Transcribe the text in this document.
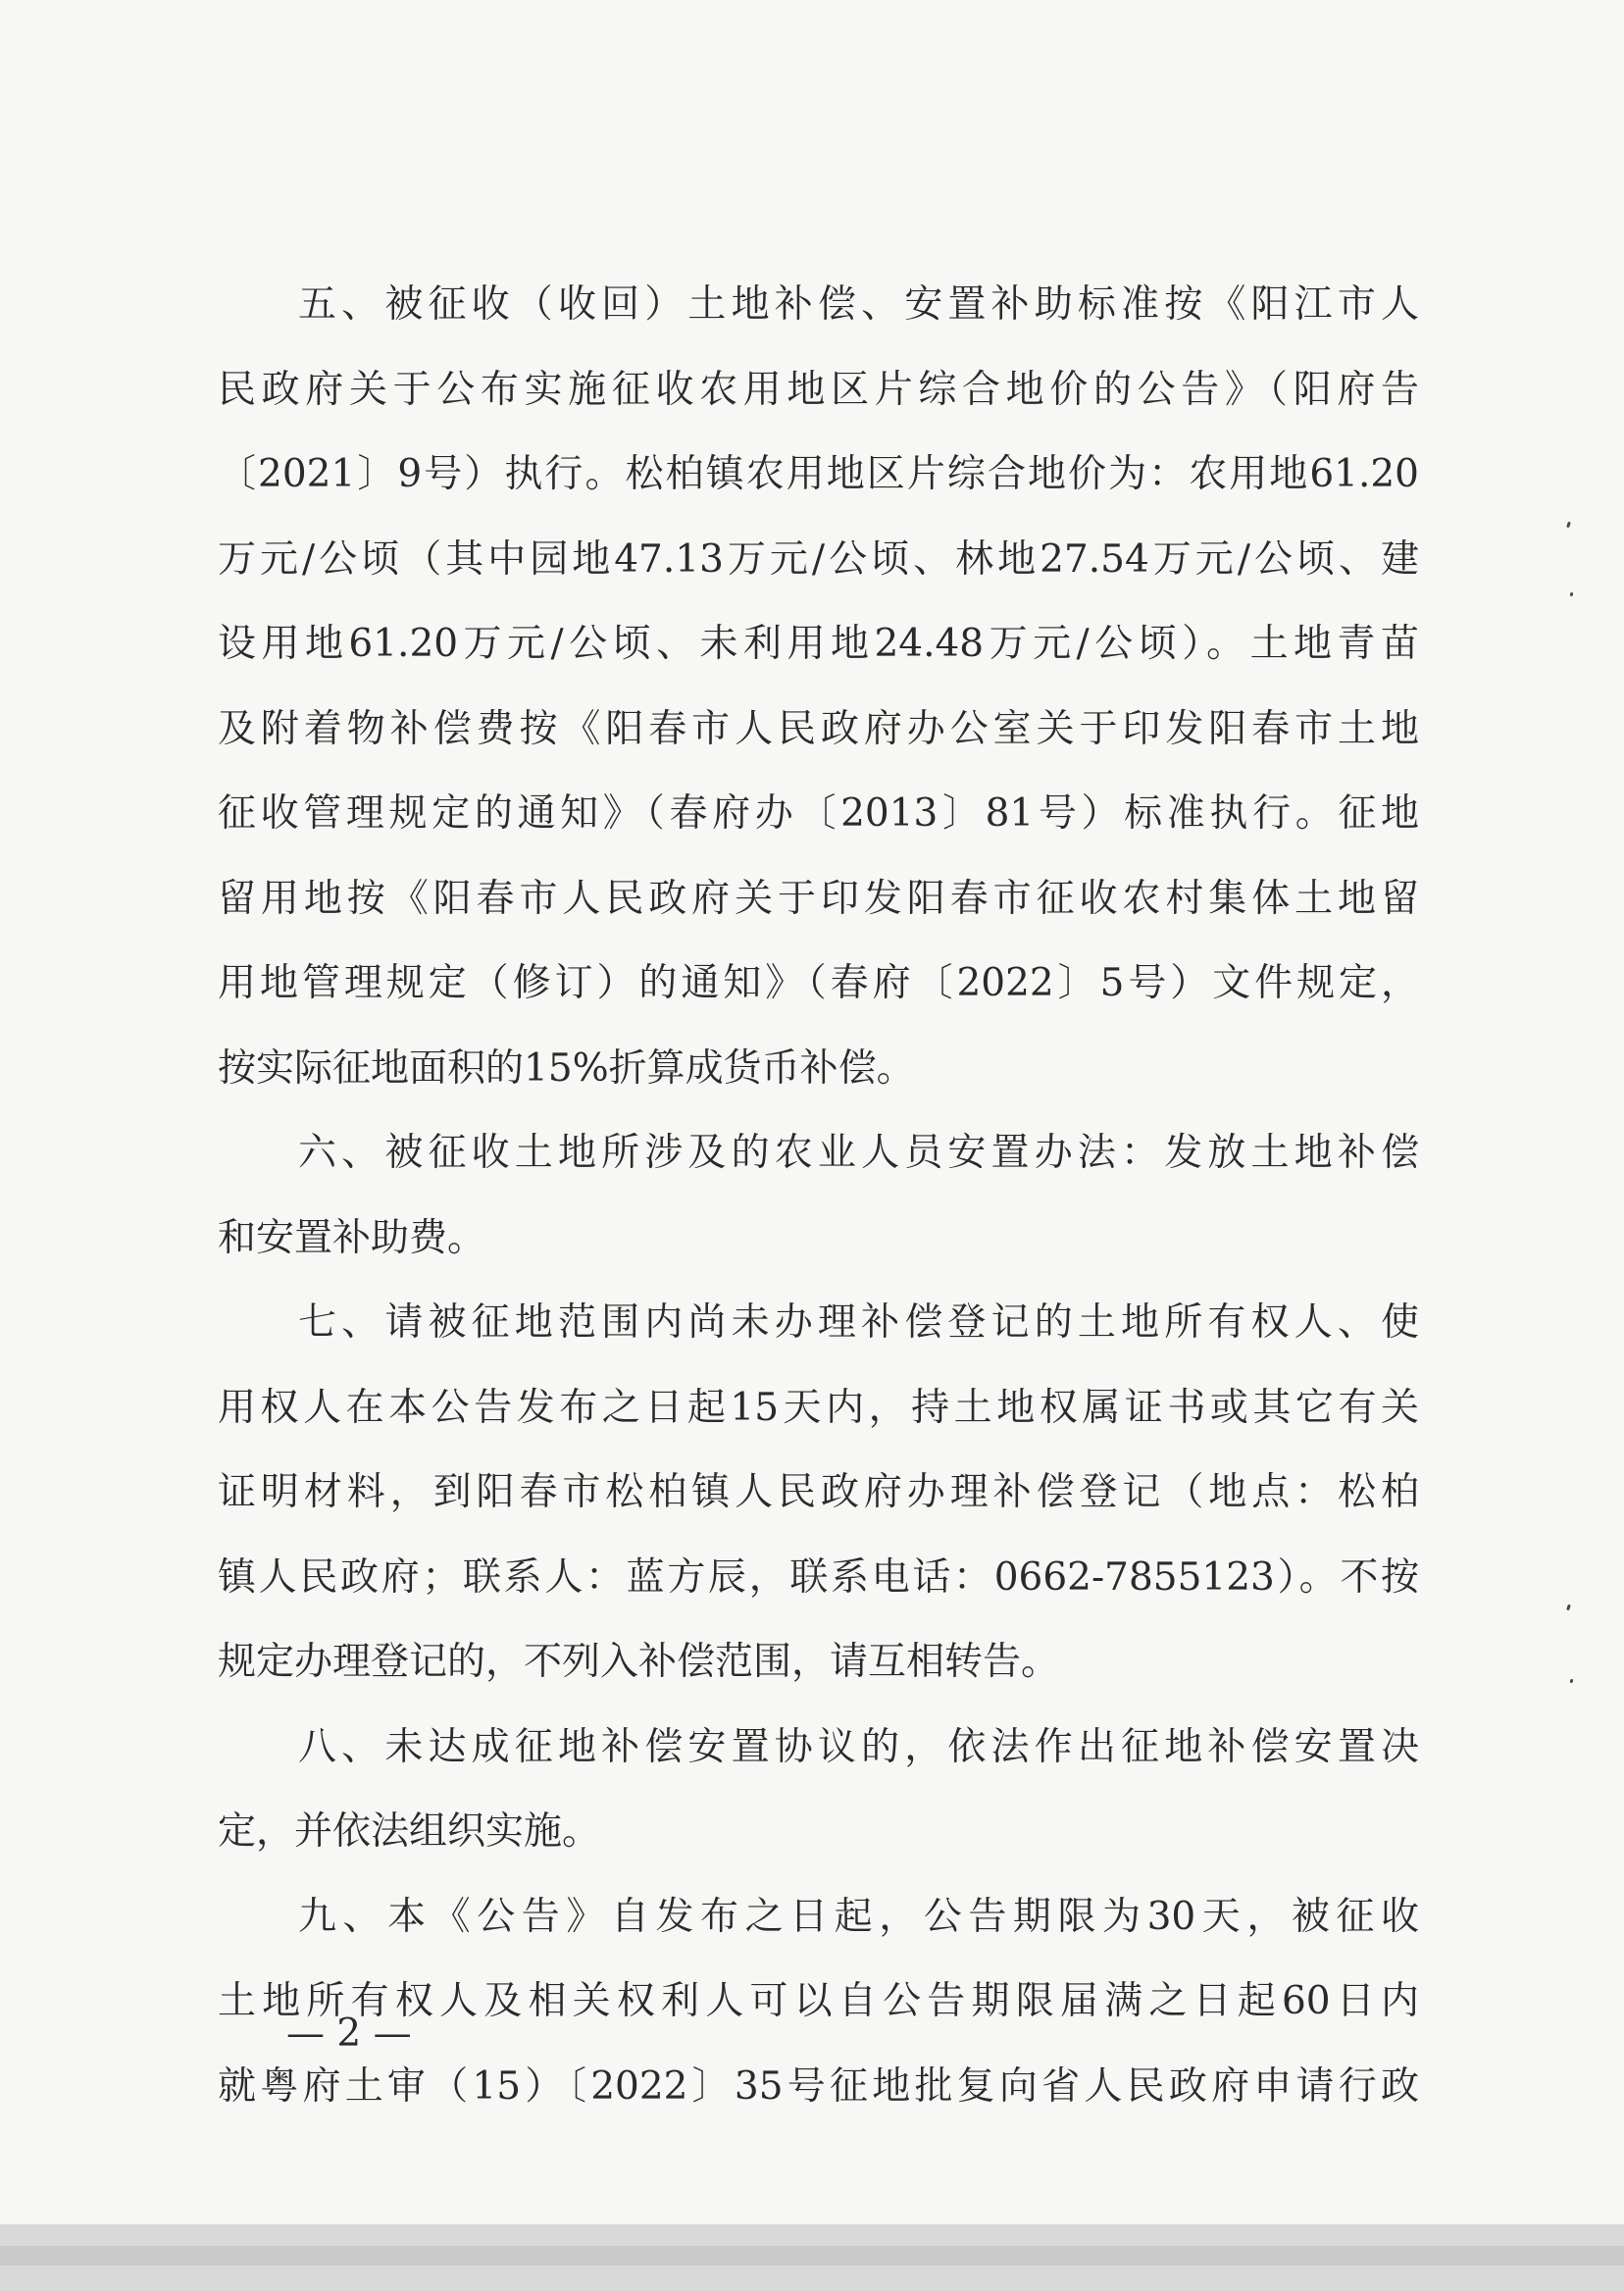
五、被征收（收回）土地补偿、安置补助标准按《阳江市人
民政府关于公布实施征收农用地区片综合地价的公告》（阳府告
〔2021〕9号）执行。松柏镇农用地区片综合地价为：农用地61.20
万元/公顷（其中园地47.13万元/公顷、林地27.54万元/公顷、建
设用地61.20万元/公顷、未利用地24.48万元/公顷）。土地青苗
及附着物补偿费按《阳春市人民政府办公室关于印发阳春市土地
征收管理规定的通知》（春府办〔2013〕81号）标准执行。征地
留用地按《阳春市人民政府关于印发阳春市征收农村集体土地留
用地管理规定（修订）的通知》（春府〔2022〕5号）文件规定，
按实际征地面积的15%折算成货币补偿。
六、被征收土地所涉及的农业人员安置办法：发放土地补偿
和安置补助费。
七、请被征地范围内尚未办理补偿登记的土地所有权人、使
用权人在本公告发布之日起15天内，持土地权属证书或其它有关
证明材料，到阳春市松柏镇人民政府办理补偿登记（地点：松柏
镇人民政府；联系人：蓝方辰，联系电话：0662-7855123）。不按
规定办理登记的，不列入补偿范围，请互相转告。
八、未达成征地补偿安置协议的，依法作出征地补偿安置决
定，并依法组织实施。
九、本《公告》自发布之日起，公告期限为30天，被征收
土地所有权人及相关权利人可以自公告期限届满之日起60日内
就粤府土审（15）〔2022〕35号征地批复向省人民政府申请行政
— 2 —
